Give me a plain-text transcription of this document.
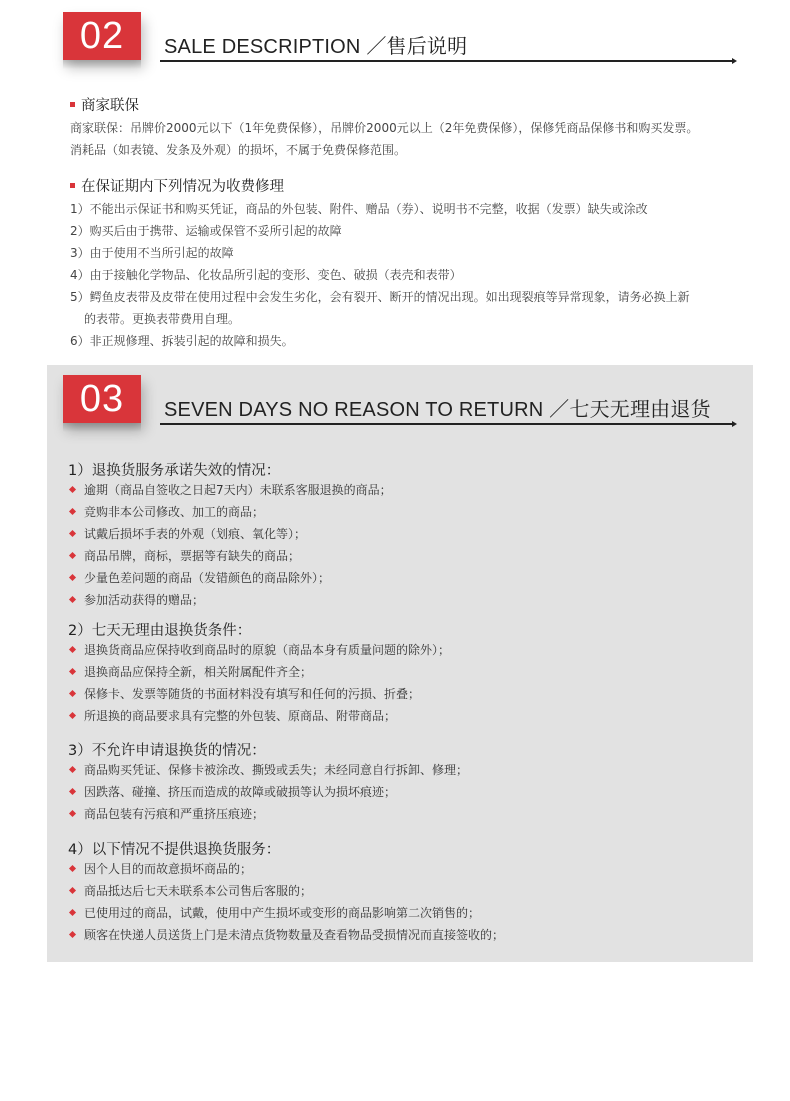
02	SALE DESCRIPTION ／售后说明
商家联保
商家联保：吊牌价2000元以下（1年免费保修），吊牌价2000元以上（2年免费保修），保修凭商品保修书和购买发票。
消耗品（如表镜、发条及外观）的损坏，不属于免费保修范围。
在保证期内下列情况为收费修理
1）不能出示保证书和购买凭证，商品的外包装、附件、赠品（券）、说明书不完整，收据（发票）缺失或涂改
2）购买后由于携带、运输或保管不妥所引起的故障
3）由于使用不当所引起的故障
4）由于接触化学物品、化妆品所引起的变形、变色、破损（表壳和表带）
5）鳄鱼皮表带及皮带在使用过程中会发生劣化，会有裂开、断开的情况出现。如出现裂痕等异常现象，请务必换上新
的表带。更换表带费用自理。
6）非正规修理、拆装引起的故障和损失。
03	SEVEN DAYS NO REASON TO RETURN ／七天无理由退货
1）退换货服务承诺失效的情况：
逾期（商品自签收之日起7天内）未联系客服退换的商品；
竞购非本公司修改、加工的商品；
试戴后损坏手表的外观（划痕、氧化等）；
商品吊牌，商标，票据等有缺失的商品；
少量色差问题的商品（发错颜色的商品除外）；
参加活动获得的赠品；
2）七天无理由退换货条件：
退换货商品应保持收到商品时的原貌（商品本身有质量问题的除外）；
退换商品应保持全新，相关附属配件齐全；
保修卡、发票等随货的书面材料没有填写和任何的污损、折叠；
所退换的商品要求具有完整的外包装、原商品、附带商品；
3）不允许申请退换货的情况：
商品购买凭证、保修卡被涂改、撕毁或丢失；未经同意自行拆卸、修理；
因跌落、碰撞、挤压而造成的故障或破损等认为损坏痕迹；
商品包装有污痕和严重挤压痕迹；
4）以下情况不提供退换货服务：
因个人目的而故意损坏商品的；
商品抵达后七天未联系本公司售后客服的；
已使用过的商品，试戴，使用中产生损坏或变形的商品影响第二次销售的；
顾客在快递人员送货上门是未清点货物数量及查看物品受损情况而直接签收的；
